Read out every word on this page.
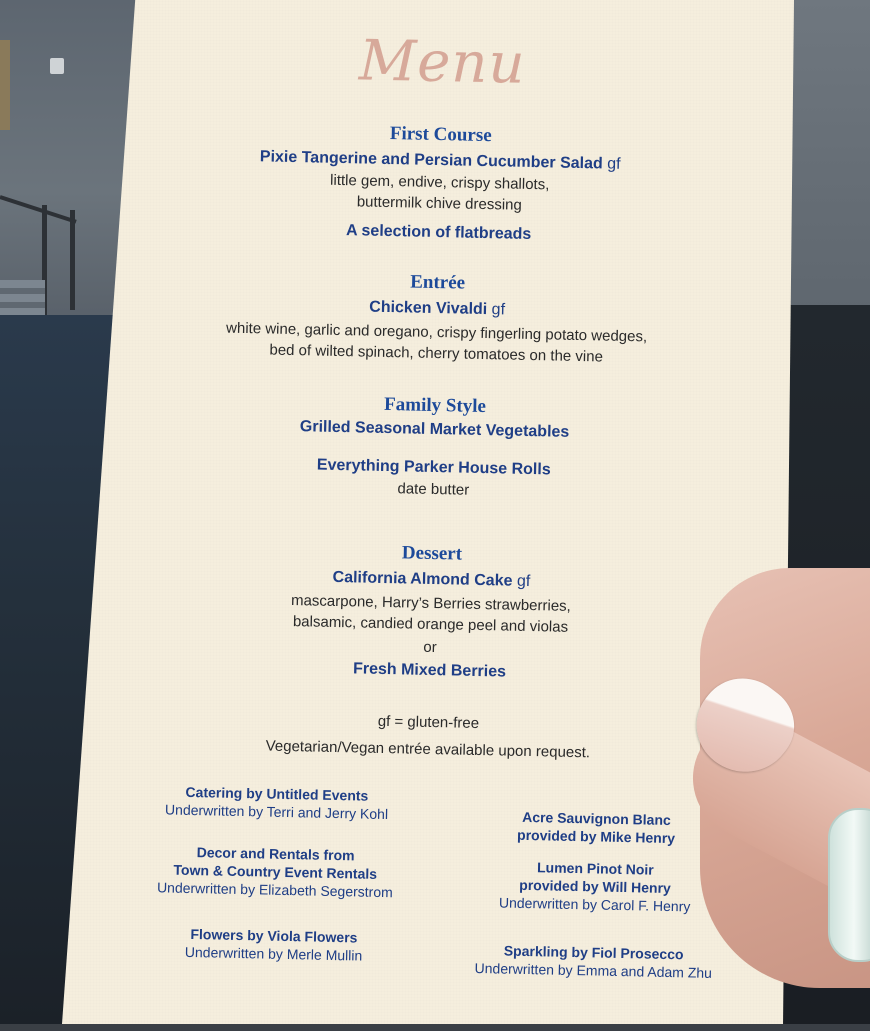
Menu
First Course
Pixie Tangerine and Persian Cucumber Salad gf
little gem, endive, crispy shallots,
buttermilk chive dressing
A selection of flatbreads
Entrée
Chicken Vivaldi gf
white wine, garlic and oregano, crispy fingerling potato wedges,
bed of wilted spinach, cherry tomatoes on the vine
Family Style
Grilled Seasonal Market Vegetables
Everything Parker House Rolls
date butter
Dessert
California Almond Cake gf
mascarpone, Harry’s Berries strawberries,
balsamic, candied orange peel and violas
or
Fresh Mixed Berries
gf = gluten-free
Vegetarian/Vegan entrée available upon request.
Catering by Untitled Events
Underwritten by Terri and Jerry Kohl
Decor and Rentals from
Town & Country Event Rentals
Underwritten by Elizabeth Segerstrom
Flowers by Viola Flowers
Underwritten by Merle Mullin
Acre Sauvignon Blanc
provided by Mike Henry
Lumen Pinot Noir
provided by Will Henry
Underwritten by Carol F. Henry
Sparkling by Fiol Prosecco
Underwritten by Emma and Adam Zhu
